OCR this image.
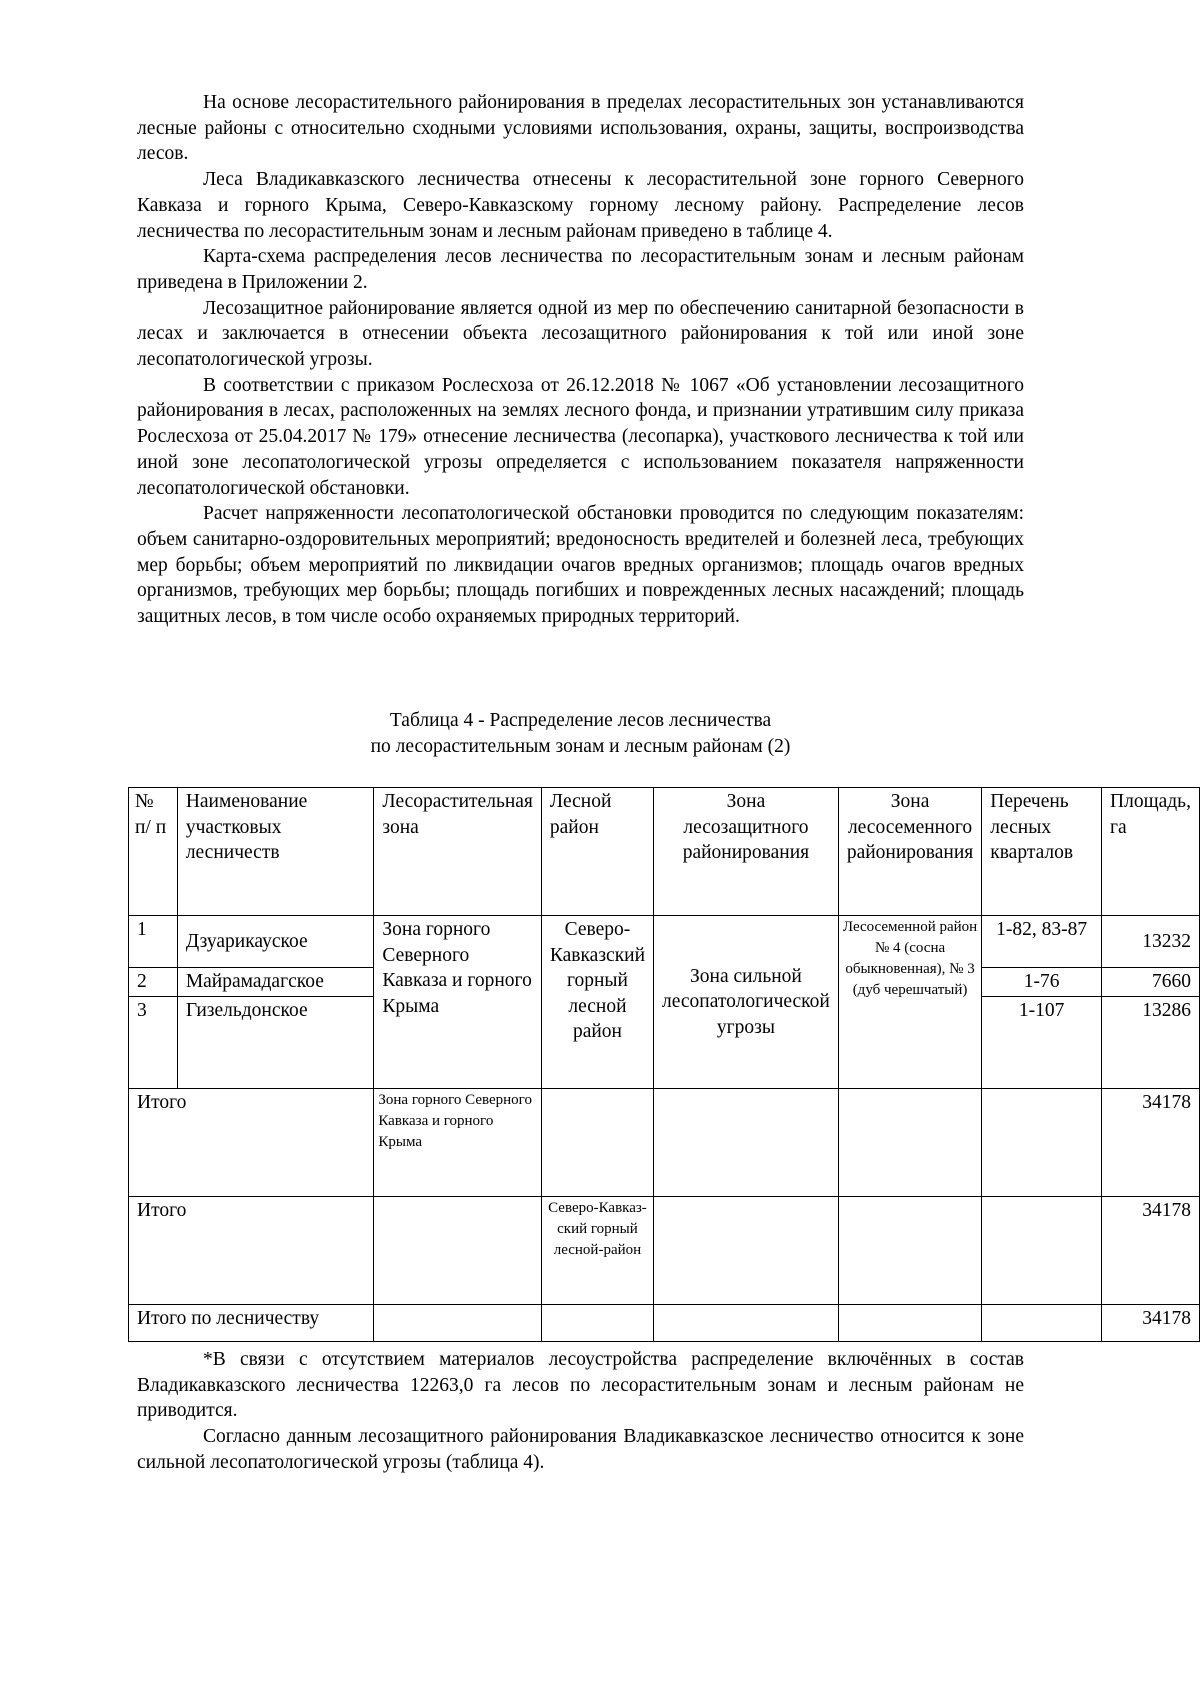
На основе лесорастительного районирования в пределах лесорастительных зон устанавливаются лесные районы с относительно сходными условиями использования, охраны, защиты, воспроизводства лесов.

Леса Владикавказского лесничества отнесены к лесорастительной зоне горного Северного Кавказа и горного Крыма, Северо-Кавказскому горному лесному району. Распределение лесов лесничества по лесорастительным зонам и лесным районам приведено в таблице 4.

Карта-схема распределения лесов лесничества по лесорастительным зонам и лесным районам приведена в Приложении 2.

Лесозащитное районирование является одной из мер по обеспечению санитарной безопасности в лесах и заключается в отнесении объекта лесозащитного районирования к той или иной зоне лесопатологической угрозы.

В соответствии с приказом Рослесхоза от 26.12.2018 № 1067 «Об установлении лесозащитного районирования в лесах, расположенных на землях лесного фонда, и признании утратившим силу приказа Рослесхоза от 25.04.2017 № 179» отнесение лесничества (лесопарка), участкового лесничества к той или иной зоне лесопатологической угрозы определяется с использованием показателя напряженности лесопатологической обстановки.

Расчет напряженности лесопатологической обстановки проводится по следующим показателям: объем санитарно-оздоровительных мероприятий; вредоносность вредителей и болезней леса, требующих мер борьбы; объем мероприятий по ликвидации очагов вредных организмов; площадь очагов вредных организмов, требующих мер борьбы; площадь погибших и поврежденных лесных насаждений; площадь защитных лесов, в том числе особо охраняемых природных территорий.

Таблица 4 - Распределение лесов лесничества
по лесорастительным зонам и лесным районам (2)
№ п/ п	Наименование участковых лесничеств	Лесорастительная зона	Лесной район	Зона лесозащитного районирования	Зона лесосеменного районирования	Перечень лесных кварталов	Площадь, га
1	Дзуарикауское	Зона горного Северного Кавказа и горного Крыма	Северо-Кавказский горный лесной район	Зона сильной лесопатологической угрозы	Лесосеменной район № 4 (сосна обыкновенная), № 3 (дуб черешчатый)	1-82, 83-87	13232
2	Майрамадагское					1-76	7660
3	Гизельдонское					1-107	13286
Итого		Зона горного Северного Кавказа и горного Крыма					34178
Итого			Северо-Кавказ-ский горный лесной-район				34178
Итого по лесничеству							34178

*В связи с отсутствием материалов лесоустройства распределение включённых в состав Владикавказского лесничества 12263,0 га лесов по лесорастительным зонам и лесным районам не приводится.

Согласно данным лесозащитного районирования Владикавказское лесничество относится к зоне сильной лесопатологической угрозы (таблица 4).
